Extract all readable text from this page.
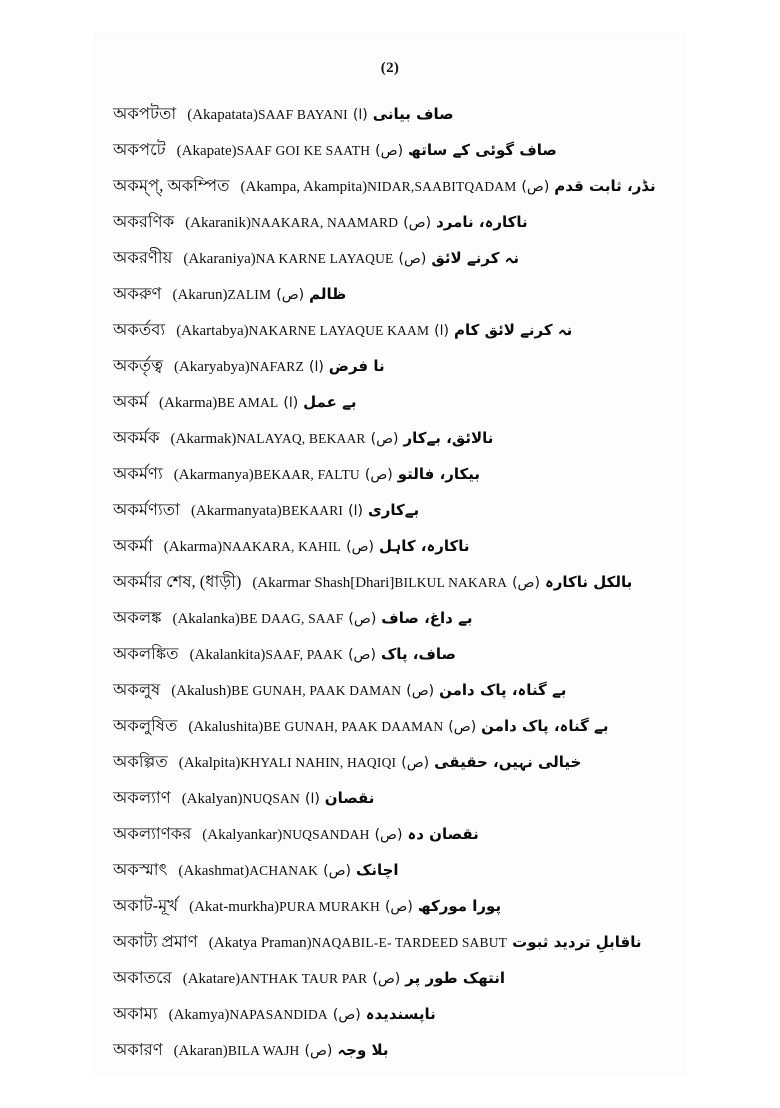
(2)
অকপটতা (Akapatata)SAAF BAYANI (ا) صاف بیانی
অকপটে (Akapate)SAAF GOI KE SAATH (ص) صاف گوئی کے ساتھ
অকম্প্, অকম্পিত (Akampa, Akampita)NIDAR,SAABITQADAM (ص) نڈر، ثابت قدم
অকরণিক (Akaranik)NAAKARA, NAAMARD (ص) ناکارہ، نامرد
অকরণীয় (Akaraniya)NA KARNE LAYAQUE (ص) نہ کرنے لائق
অকরুণ (Akarun)ZALIM (ص) ظالم
অকর্তব্য (Akartabya)NAKARNE LAYAQUE KAAM (ا) نہ کرنے لائق کام
অকর্তৃত্ব (Akaryabya)NAFARZ (ا) نا فرض
অকর্ম (Akarma)BE AMAL (ا) بے عمل
অকর্মক (Akarmak)NALAYAQ, BEKAAR (ص) نالائق، بےکار
অকর্মণ্য (Akarmanya)BEKAAR, FALTU (ص) بیکار، فالتو
অকর্মণ্যতা (Akarmanyata)BEKAARI (ا) بےکاری
অকর্মা (Akarma)NAAKARA, KAHIL (ص) ناکارہ، کاہل
অকর্মার শেষ, (ধাড়ী) (Akarmar Shash[Dhari]BILKUL NAKARA (ص) بالکل ناکارہ
অকলঙ্ক (Akalanka)BE DAAG, SAAF (ص) بے داغ، صاف
অকলঙ্কিত (Akalankita)SAAF, PAAK (ص) صاف، پاک
অকলুষ (Akalush)BE GUNAH, PAAK DAMAN (ص) بے گناہ، پاک دامن
অকলুষিত (Akalushita)BE GUNAH, PAAK DAAMAN (ص) بے گناہ، پاک دامن
অকল্পিত (Akalpita)KHYALI NAHIN, HAQIQI (ص) خیالی نہیں، حقیقی
অকল্যাণ (Akalyan)NUQSAN (ا) نقصان
অকল্যাণকর (Akalyankar)NUQSANDAH (ص) نقصان دہ
অকস্মাৎ (Akashmat)ACHANAK (ص) اچانک
অকাট-মূর্খ (Akat-murkha)PURA MURAKH (ص) پورا مورکھ
অকাট্য প্রমাণ (Akatya Praman)NAQABIL-E- TARDEED SABUT ناقابلِ تردید ثبوت
অকাতরে (Akatare)ANTHAK TAUR PAR (ص) انتھک طور پر
অকাম্য (Akamya)NAPASANDIDA (ص) ناپسندیدہ
অকারণ (Akaran)BILA WAJH (ص) بلا وجہ
